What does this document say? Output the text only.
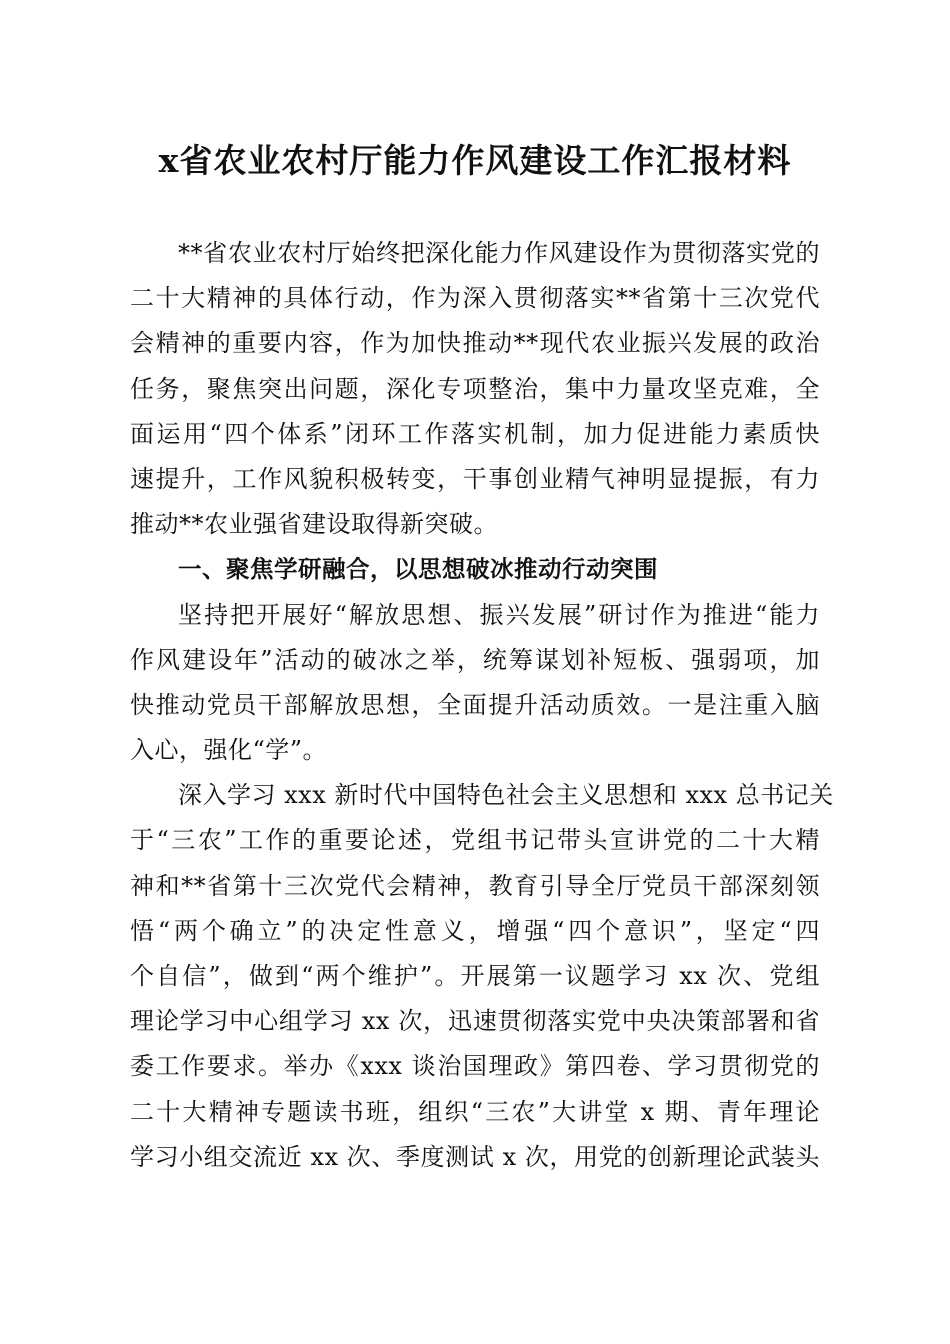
x省农业农村厅能力作风建设工作汇报材料
**省农业农村厅始终把深化能力作风建设作为贯彻落实党的
二十大精神的具体行动，作为深入贯彻落实**省第十三次党代
会精神的重要内容，作为加快推动**现代农业振兴发展的政治
任务，聚焦突出问题，深化专项整治，集中力量攻坚克难，全
面运用“四个体系”闭环工作落实机制，加力促进能力素质快
速提升，工作风貌积极转变，干事创业精气神明显提振，有力
推动**农业强省建设取得新突破。
一、聚焦学研融合，以思想破冰推动行动突围
坚持把开展好“解放思想、振兴发展”研讨作为推进“能力
作风建设年”活动的破冰之举，统筹谋划补短板、强弱项，加
快推动党员干部解放思想，全面提升活动质效。一是注重入脑
入心，强化“学”。
深入学习 xxx 新时代中国特色社会主义思想和 xxx 总书记关
于“三农”工作的重要论述，党组书记带头宣讲党的二十大精
神和**省第十三次党代会精神，教育引导全厅党员干部深刻领
悟“两个确立”的决定性意义，增强“四个意识”，坚定“四
个自信”，做到“两个维护”。开展第一议题学习 xx 次、党组
理论学习中心组学习 xx 次，迅速贯彻落实党中央决策部署和省
委工作要求。举办《xxx 谈治国理政》第四卷、学习贯彻党的
二十大精神专题读书班，组织“三农”大讲堂 x 期、青年理论
学习小组交流近 xx 次、季度测试 x 次，用党的创新理论武装头
